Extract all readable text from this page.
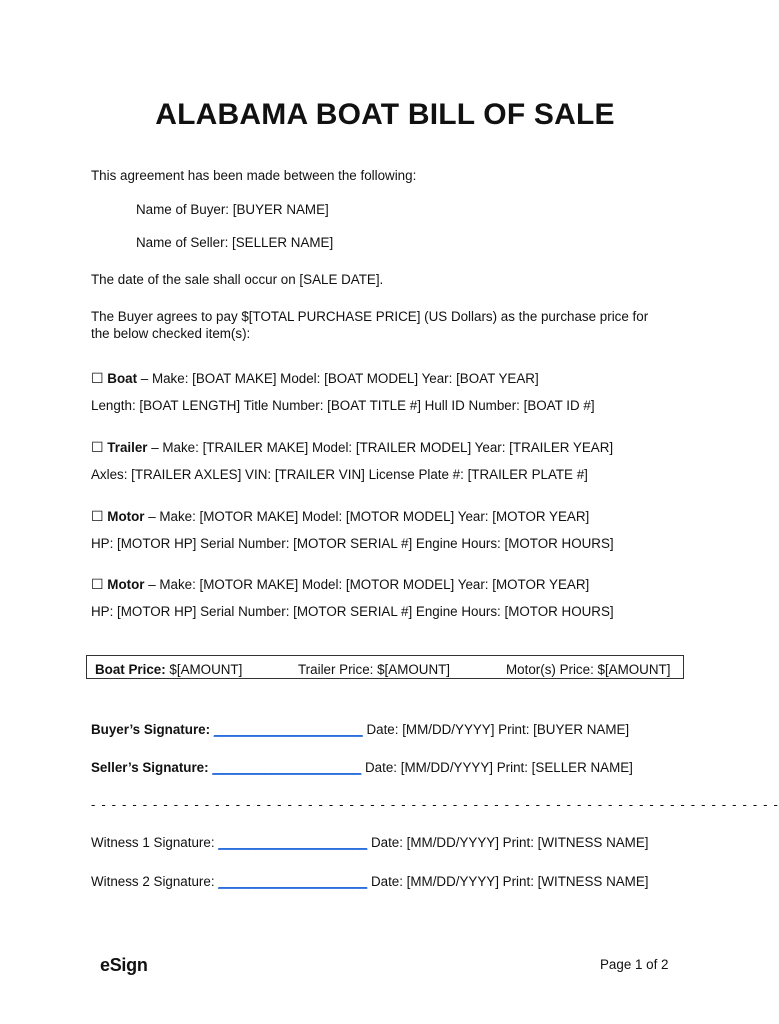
ALABAMA BOAT BILL OF SALE
This agreement has been made between the following:
Name of Buyer: [BUYER NAME]
Name of Seller: [SELLER NAME]
The date of the sale shall occur on [SALE DATE].
The Buyer agrees to pay $[TOTAL PURCHASE PRICE] (US Dollars) as the purchase price for
the below checked item(s):
☐ Boat – Make: [BOAT MAKE] Model: [BOAT MODEL] Year: [BOAT YEAR]
Length: [BOAT LENGTH] Title Number: [BOAT TITLE #] Hull ID Number: [BOAT ID #]
☐ Trailer – Make: [TRAILER MAKE] Model: [TRAILER MODEL] Year: [TRAILER YEAR]
Axles: [TRAILER AXLES] VIN: [TRAILER VIN] License Plate #: [TRAILER PLATE #]
☐ Motor – Make: [MOTOR MAKE] Model: [MOTOR MODEL] Year: [MOTOR YEAR]
HP: [MOTOR HP] Serial Number: [MOTOR SERIAL #] Engine Hours: [MOTOR HOURS]
☐ Motor – Make: [MOTOR MAKE] Model: [MOTOR MODEL] Year: [MOTOR YEAR]
HP: [MOTOR HP] Serial Number: [MOTOR SERIAL #] Engine Hours: [MOTOR HOURS]
Boat Price: $[AMOUNT]	Trailer Price: $[AMOUNT]	Motor(s) Price: $[AMOUNT]
Buyer’s Signature: ____________________ Date: [MM/DD/YYYY] Print: [BUYER NAME]
Seller’s Signature: ____________________ Date: [MM/DD/YYYY] Print: [SELLER NAME]
- - - - - - - - - - - - - - - - - - - - - - - - - - - - - - - - - - - - - - - - - - - - - - - - - - - - - - - - - - - - - - - - - - -
Witness 1 Signature: ____________________ Date: [MM/DD/YYYY] Print: [WITNESS NAME]
Witness 2 Signature: ____________________ Date: [MM/DD/YYYY] Print: [WITNESS NAME]
eSign	Page 1 of 2
